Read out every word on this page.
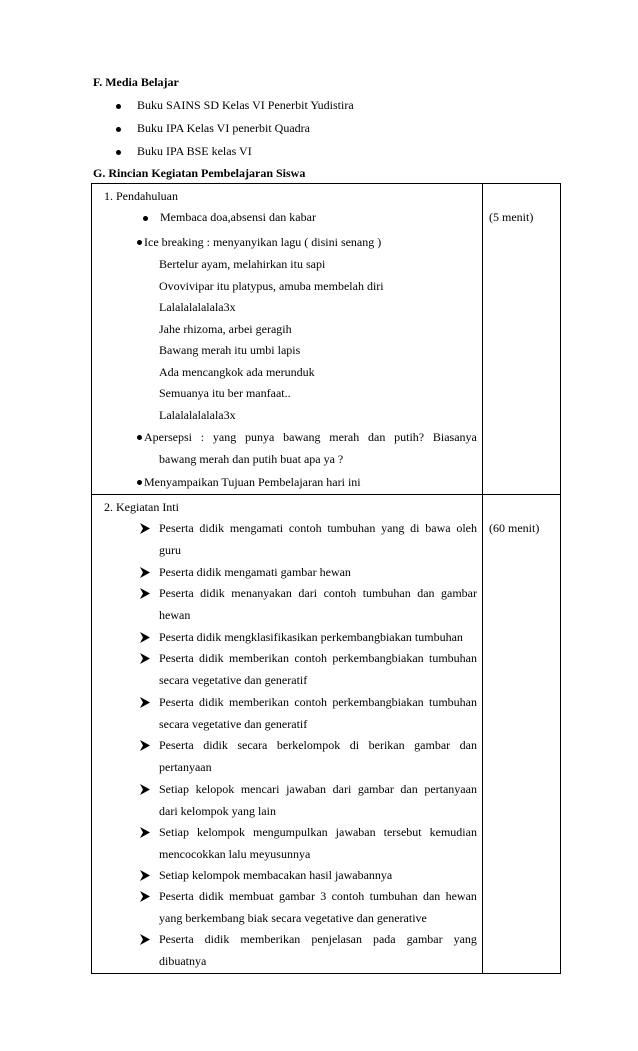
F. Media Belajar
Buku SAINS SD Kelas VI Penerbit Yudistira
Buku IPA Kelas VI penerbit Quadra
Buku IPA BSE kelas VI
G. Rincian Kegiatan Pembelajaran Siswa
1. Pendahuluan
(5 menit)
Membaca doa,absensi dan kabar
Ice breaking : menyanyikan lagu ( disini senang )
Bertelur ayam, melahirkan itu sapi
Ovovivipar itu platypus, amuba membelah diri
Lalalalalalala3x
Jahe rhizoma, arbei geragih
Bawang merah itu umbi lapis
Ada mencangkok ada merunduk
Semuanya itu ber manfaat..
Lalalalalalala3x
Apersepsi : yang punya bawang merah dan putih? Biasanya
bawang merah dan putih buat apa ya ?
Menyampaikan Tujuan Pembelajaran hari ini
2. Kegiatan Inti
(60 menit)
Peserta didik mengamati contoh tumbuhan yang di bawa oleh
guru
Peserta didik mengamati gambar hewan
Peserta didik menanyakan dari contoh tumbuhan dan gambar
hewan
Peserta didik mengklasifikasikan perkembangbiakan tumbuhan
Peserta didik memberikan contoh perkembangbiakan tumbuhan
secara vegetative dan generatif
Peserta didik memberikan contoh perkembangbiakan tumbuhan
secara vegetative dan generatif
Peserta didik secara berkelompok di berikan gambar dan
pertanyaan
Setiap kelopok mencari jawaban dari gambar dan pertanyaan
dari kelompok yang lain
Setiap kelompok mengumpulkan jawaban tersebut kemudian
mencocokkan lalu meyusunnya
Setiap kelompok membacakan hasil jawabannya
Peserta didik membuat gambar 3 contoh tumbuhan dan hewan
yang berkembang biak secara vegetative dan generative
Peserta didik memberikan penjelasan pada gambar yang
dibuatnya
